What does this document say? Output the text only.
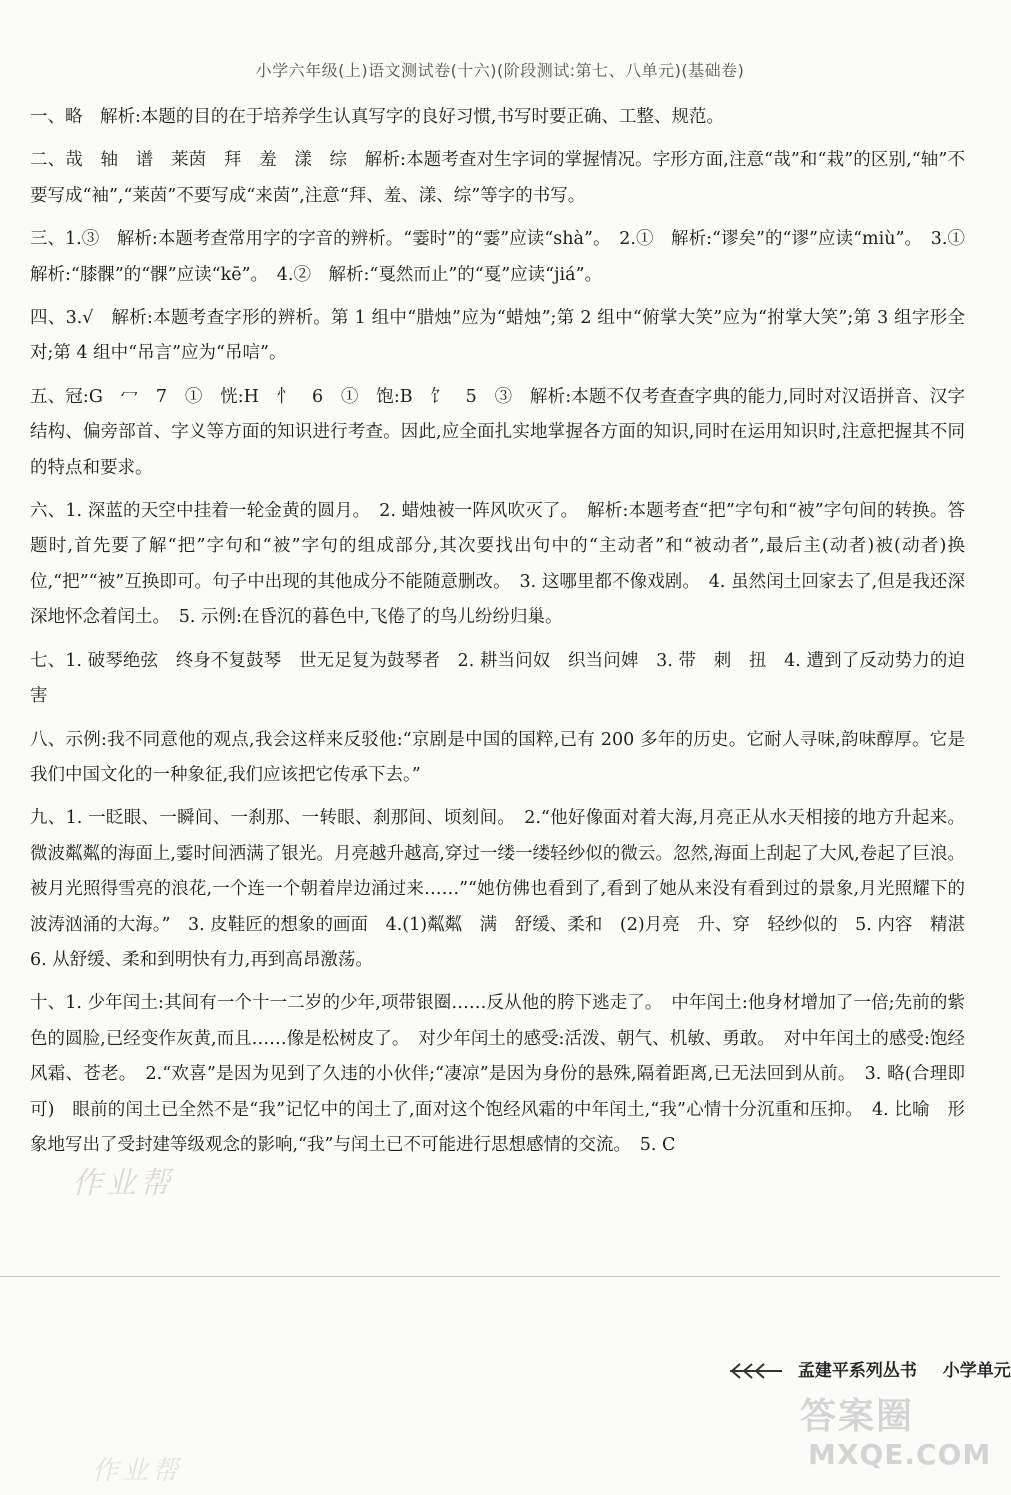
小学六年级(上)语文测试卷(十六)(阶段测试:第七、八单元)(基础卷)

一、略　解析:本题的目的在于培养学生认真写字的良好习惯,书写时要正确、工整、规范。

二、哉　轴　谱　莱茵　拜　羞　漾　综　解析:本题考查对生字词的掌握情况。字形方面,注意“哉”和“栽”的区别,“轴”不要写成“袖”,“莱茵”不要写成“来茵”,注意“拜、羞、漾、综”等字的书写。

三、1.③　解析:本题考查常用字的字音的辨析。“霎时”的“霎”应读“shà”。　2.①　解析:“谬矣”的“谬”应读“miù”。　3.①　解析:“膝髁”的“髁”应读“kē”。　4.②　解析:“戛然而止”的“戛”应读“jiá”。

四、3.√　解析:本题考查字形的辨析。第 1 组中“腊烛”应为“蜡烛”;第 2 组中“俯掌大笑”应为“拊掌大笑”;第 3 组字形全对;第 4 组中“吊言”应为“吊唁”。

五、冠:G　冖　7　①　恍:H　忄　6　①　饱:B　饣　5　③　解析:本题不仅考查查字典的能力,同时对汉语拼音、汉字结构、偏旁部首、字义等方面的知识进行考查。因此,应全面扎实地掌握各方面的知识,同时在运用知识时,注意把握其不同的特点和要求。

六、1. 深蓝的天空中挂着一轮金黄的圆月。　2. 蜡烛被一阵风吹灭了。　解析:本题考查“把”字句和“被”字句间的转换。答题时,首先要了解“把”字句和“被”字句的组成部分,其次要找出句中的“主动者”和“被动者”,最后主(动者)被(动者)换位,“把”“被”互换即可。句子中出现的其他成分不能随意删改。　3. 这哪里都不像戏剧。　4. 虽然闰土回家去了,但是我还深深地怀念着闰土。　5. 示例:在昏沉的暮色中,飞倦了的鸟儿纷纷归巢。

七、1. 破琴绝弦　终身不复鼓琴　世无足复为鼓琴者　2. 耕当问奴　织当问婢　3. 带　刺　扭　4. 遭到了反动势力的迫害

八、示例:我不同意他的观点,我会这样来反驳他:“京剧是中国的国粹,已有 200 多年的历史。它耐人寻味,韵味醇厚。它是我们中国文化的一种象征,我们应该把它传承下去。”

九、1. 一眨眼、一瞬间、一刹那、一转眼、刹那间、顷刻间。　2.“他好像面对着大海,月亮正从水天相接的地方升起来。微波粼粼的海面上,霎时间洒满了银光。月亮越升越高,穿过一缕一缕轻纱似的微云。忽然,海面上刮起了大风,卷起了巨浪。被月光照得雪亮的浪花,一个连一个朝着岸边涌过来……”“她仿佛也看到了,看到了她从来没有看到过的景象,月光照耀下的波涛汹涌的大海。”　3. 皮鞋匠的想象的画面　4.(1)粼粼　满　舒缓、柔和　(2)月亮　升、穿　轻纱似的　5. 内容　精湛　6. 从舒缓、柔和到明快有力,再到高昂激荡。

十、1. 少年闰土:其间有一个十一二岁的少年,项带银圈……反从他的胯下逃走了。　中年闰土:他身材增加了一倍;先前的紫色的圆脸,已经变作灰黄,而且……像是松树皮了。　对少年闰土的感受:活泼、朝气、机敏、勇敢。　对中年闰土的感受:饱经风霜、苍老。　2.“欢喜”是因为见到了久违的小伙伴;“凄凉”是因为身份的悬殊,隔着距离,已无法回到从前。　3. 略(合理即可)　眼前的闰土已全然不是“我”记忆中的闰土了,面对这个饱经风霜的中年闰土,“我”心情十分沉重和压抑。　4. 比喻　形象地写出了受封建等级观念的影响,“我”与闰土已不可能进行思想感情的交流。　5. C

孟建平系列丛书 小学单元
作业帮
作业帮
答案圈
MXQE.COM
